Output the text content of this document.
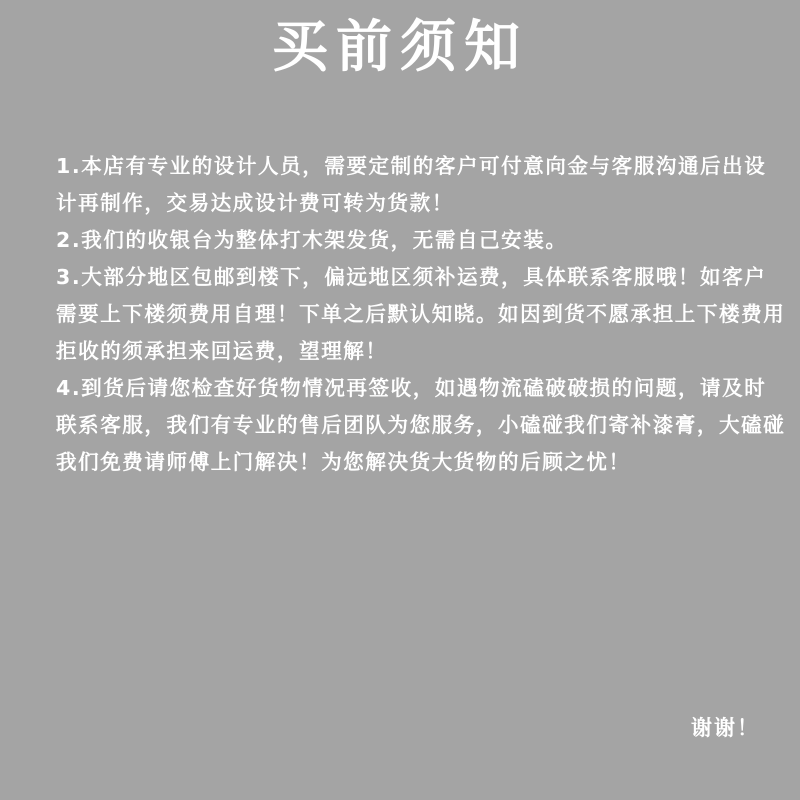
买前须知

1.本店有专业的设计人员，需要定制的客户可付意向金与客服沟通后出设计再制作，交易达成设计费可转为货款！

2.我们的收银台为整体打木架发货，无需自己安装。

3.大部分地区包邮到楼下，偏远地区须补运费，具体联系客服哦！如客户需要上下楼须费用自理！下单之后默认知晓。如因到货不愿承担上下楼费用拒收的须承担来回运费，望理解！

4.到货后请您检查好货物情况再签收，如遇物流磕破破损的问题，请及时联系客服，我们有专业的售后团队为您服务，小磕碰我们寄补漆膏，大磕碰我们免费请师傅上门解决！为您解决货大货物的后顾之忧！

谢谢！
